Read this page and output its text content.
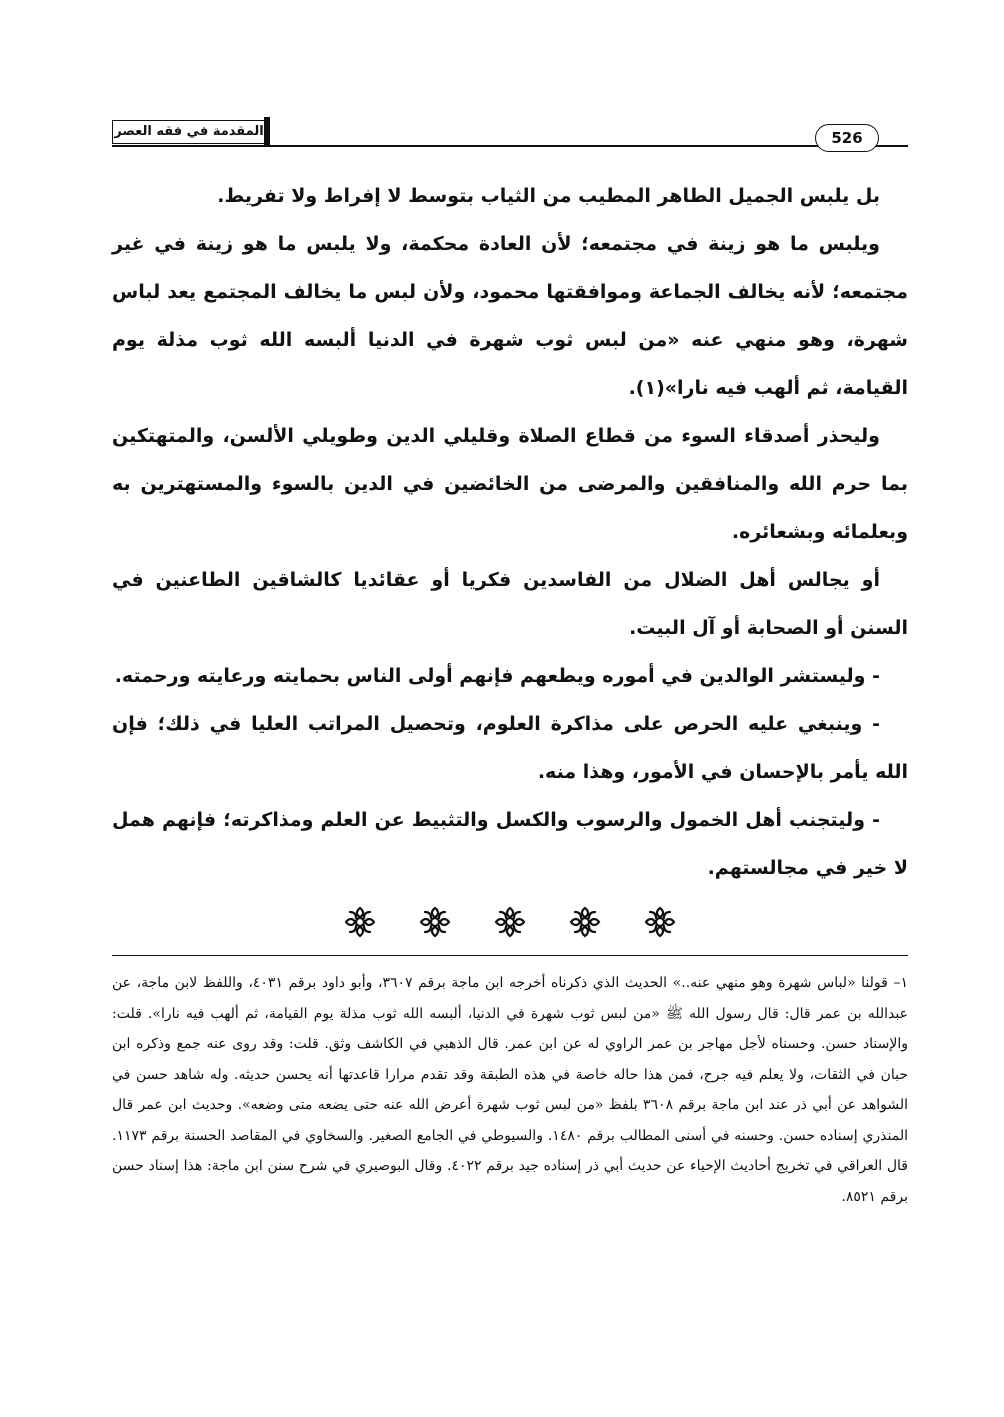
المقدمة في فقه العصر	526

بل يلبس الجميل الطاهر المطيب من الثياب بتوسط لا إفراط ولا تفريط.

ويلبس ما هو زينة في مجتمعه؛ لأن العادة محكمة، ولا يلبس ما هو زينة في غير مجتمعه؛ لأنه يخالف الجماعة وموافقتها محمود، ولأن لبس ما يخالف المجتمع يعد لباس شهرة، وهو منهي عنه «من لبس ثوب شهرة في الدنيا ألبسه الله ثوب مذلة يوم القيامة، ثم ألهب فيه نارا»(١).

وليحذر أصدقاء السوء من قطاع الصلاة وقليلي الدين وطويلي الألسن، والمتهتكين بما حرم الله والمنافقين والمرضى من الخائضين في الدين بالسوء والمستهترين به وبعلمائه وبشعائره.

أو يجالس أهل الضلال من الفاسدين فكريا أو عقائديا كالشاقين الطاعنين في السنن أو الصحابة أو آل البيت.

- وليستشر الوالدين في أموره ويطعهم فإنهم أولى الناس بحمايته ورعايته ورحمته.

- وينبغي عليه الحرص على مذاكرة العلوم، وتحصيل المراتب العليا في ذلك؛ فإن الله يأمر بالإحسان في الأمور، وهذا منه.

- وليتجنب أهل الخمول والرسوب والكسل والتثبيط عن العلم ومذاكرته؛ فإنهم همل لا خير في مجالستهم.

١– قولنا «لباس شهرة وهو منهي عنه..» الحديث الذي ذكرناه أخرجه ابن ماجة برقم ٣٦٠٧، وأبو داود برقم ٤٠٣١، واللفظ لابن ماجة، عن عبدالله بن عمر قال: قال رسول الله ﷺ «من لبس ثوب شهرة في الدنيا، ألبسه الله ثوب مذلة يوم القيامة، ثم ألهب فيه نارا». قلت: والإسناد حسن. وحسناه لأجل مهاجر بن عمر الراوي له عن ابن عمر. قال الذهبي في الكاشف وثق. قلت: وقد روى عنه جمع وذكره ابن حبان في الثقات، ولا يعلم فيه جرح، فمن هذا حاله خاصة في هذه الطبقة وقد تقدم مرارا قاعدتها أنه يحسن حديثه. وله شاهد حسن في الشواهد عن أبي ذر عند ابن ماجة برقم ٣٦٠٨ بلفظ «من لبس ثوب شهرة أعرض الله عنه حتى يضعه متى وضعه». وحديث ابن عمر قال المنذري إسناده حسن. وحسنه في أسنى المطالب برقم ١٤٨٠. والسيوطي في الجامع الصغير. والسخاوي في المقاصد الحسنة برقم ١١٧٣. قال العراقي في تخريج أحاديث الإحياء عن حديث أبي ذر إسناده جيد برقم ٤٠٢٢. وقال البوصيري في شرح سنن ابن ماجة: هذا إسناد حسن برقم ٨٥٢١.
